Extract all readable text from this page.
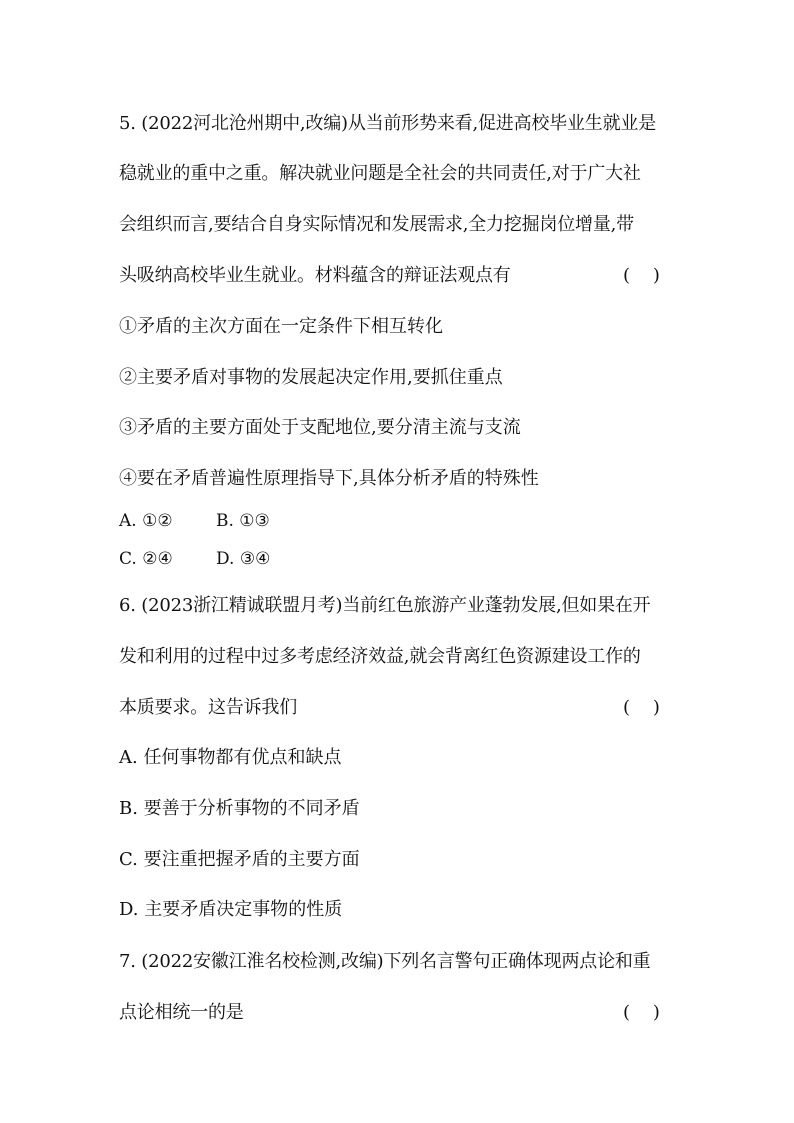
5. (2022河北沧州期中,改编)从当前形势来看,促进高校毕业生就业是
稳就业的重中之重。解决就业问题是全社会的共同责任,对于广大社
会组织而言,要结合自身实际情况和发展需求,全力挖掘岗位增量,带
头吸纳高校毕业生就业。材料蕴含的辩证法观点有	(    )
①矛盾的主次方面在一定条件下相互转化
②主要矛盾对事物的发展起决定作用,要抓住重点
③矛盾的主要方面处于支配地位,要分清主流与支流
④要在矛盾普遍性原理指导下,具体分析矛盾的特殊性
A. ①②	B. ①③
C. ②④	D. ③④
6. (2023浙江精诚联盟月考)当前红色旅游产业蓬勃发展,但如果在开
发和利用的过程中过多考虑经济效益,就会背离红色资源建设工作的
本质要求。这告诉我们	(    )
A. 任何事物都有优点和缺点
B. 要善于分析事物的不同矛盾
C. 要注重把握矛盾的主要方面
D. 主要矛盾决定事物的性质
7. (2022安徽江淮名校检测,改编)下列名言警句正确体现两点论和重
点论相统一的是	(    )
